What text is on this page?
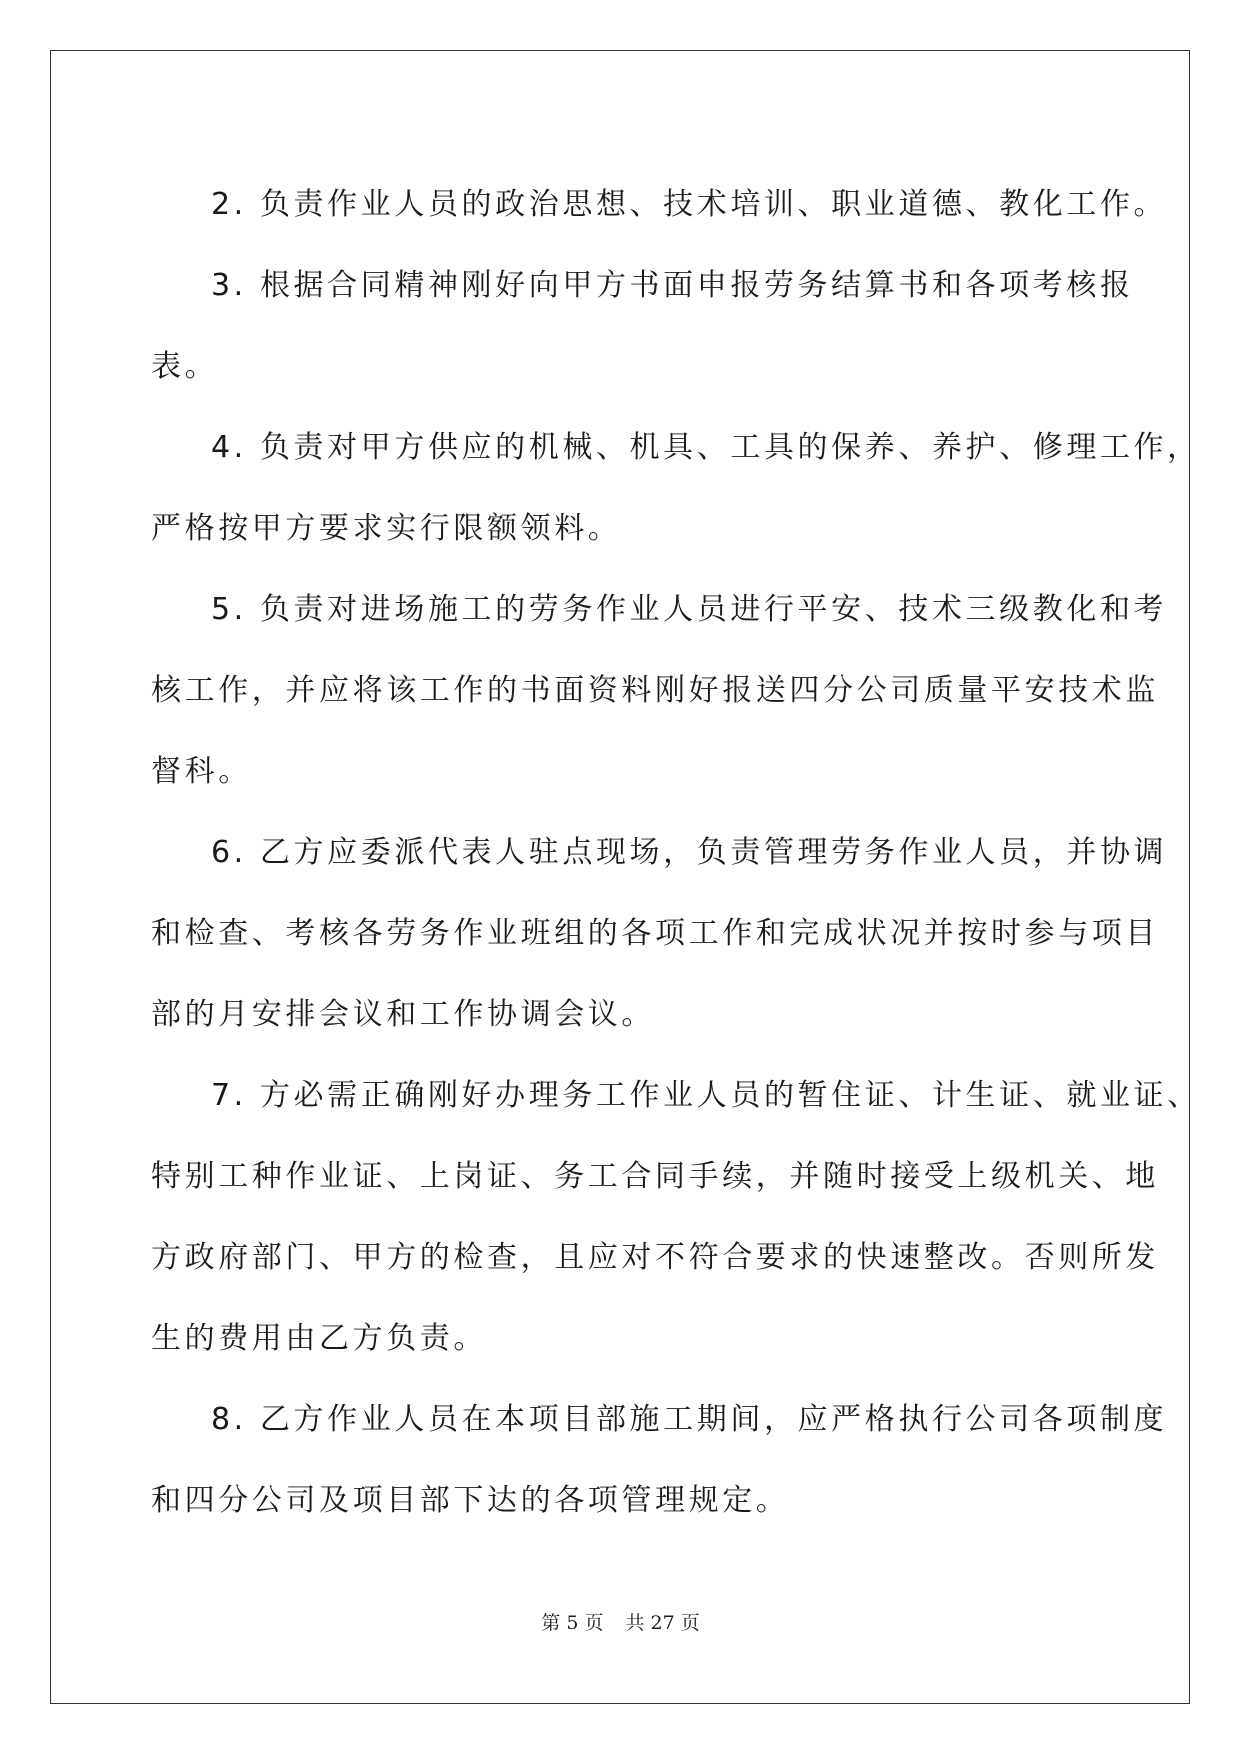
2. 负责作业人员的政治思想、技术培训、职业道德、教化工作。
3. 根据合同精神刚好向甲方书面申报劳务结算书和各项考核报
表。
4. 负责对甲方供应的机械、机具、工具的保养、养护、修理工作，
严格按甲方要求实行限额领料。
5. 负责对进场施工的劳务作业人员进行平安、技术三级教化和考
核工作，并应将该工作的书面资料刚好报送四分公司质量平安技术监
督科。
6. 乙方应委派代表人驻点现场，负责管理劳务作业人员，并协调
和检查、考核各劳务作业班组的各项工作和完成状况并按时参与项目
部的月安排会议和工作协调会议。
7. 方必需正确刚好办理务工作业人员的暂住证、计生证、就业证、
特别工种作业证、上岗证、务工合同手续，并随时接受上级机关、地
方政府部门、甲方的检查，且应对不符合要求的快速整改。否则所发
生的费用由乙方负责。
8. 乙方作业人员在本项目部施工期间，应严格执行公司各项制度
和四分公司及项目部下达的各项管理规定。
第 5 页 共 27 页
